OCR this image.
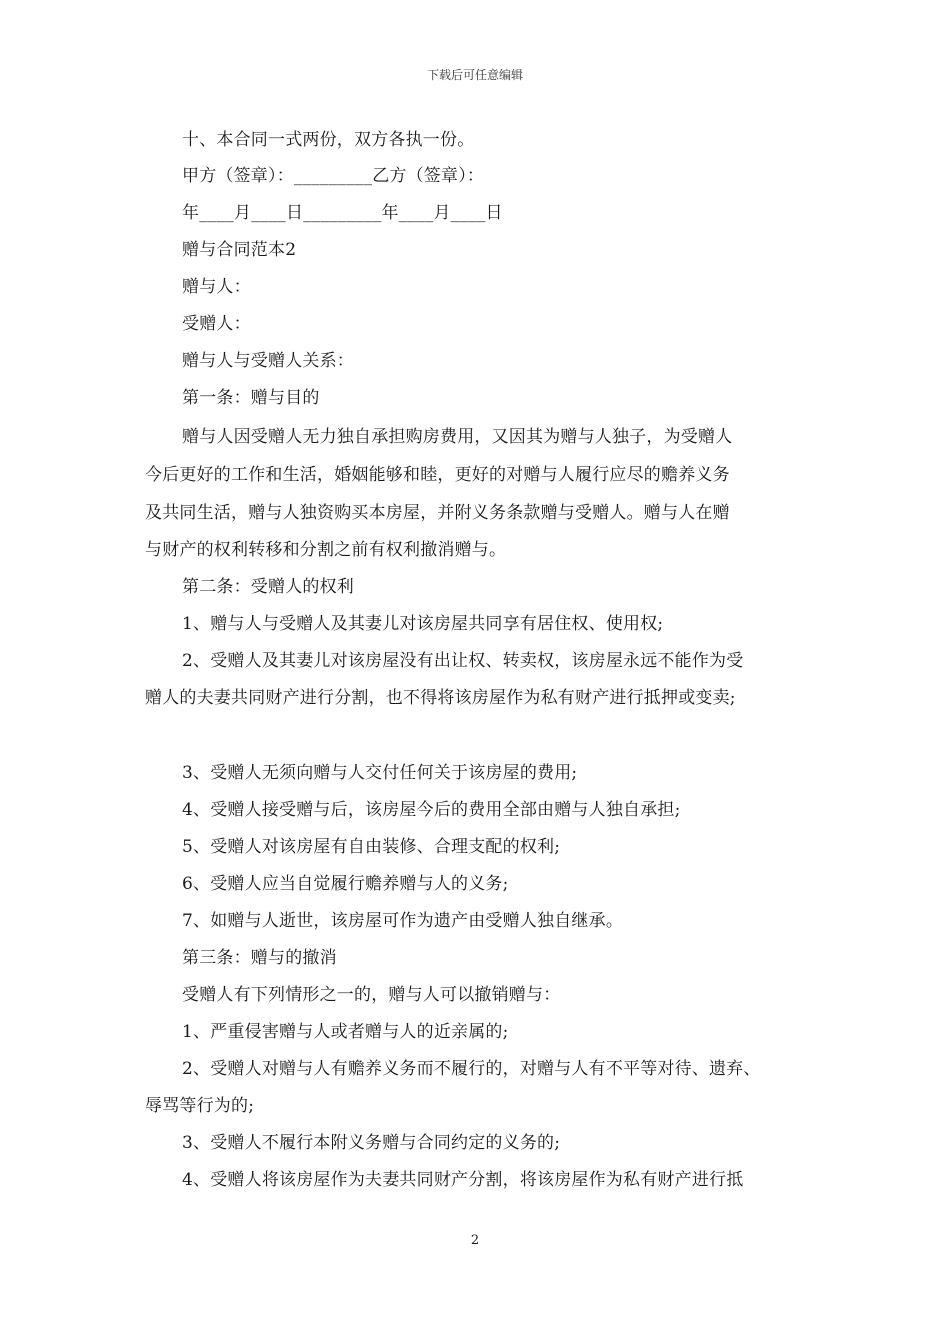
下载后可任意编辑
十、本合同一式两份，双方各执一份。
甲方（签章）：_________乙方（签章）：
年____月____日_________年____月____日
赠与合同范本2
赠与人：
受赠人：
赠与人与受赠人关系：
第一条：赠与目的
赠与人因受赠人无力独自承担购房费用，又因其为赠与人独子，为受赠人
今后更好的工作和生活，婚姻能够和睦，更好的对赠与人履行应尽的赡养义务
及共同生活，赠与人独资购买本房屋，并附义务条款赠与受赠人。赠与人在赠
与财产的权利转移和分割之前有权利撤消赠与。
第二条：受赠人的权利
1、赠与人与受赠人及其妻儿对该房屋共同享有居住权、使用权;
2、受赠人及其妻儿对该房屋没有出让权、转卖权，该房屋永远不能作为受
赠人的夫妻共同财产进行分割，也不得将该房屋作为私有财产进行抵押或变卖;
3、受赠人无须向赠与人交付任何关于该房屋的费用;
4、受赠人接受赠与后，该房屋今后的费用全部由赠与人独自承担;
5、受赠人对该房屋有自由装修、合理支配的权利;
6、受赠人应当自觉履行赡养赠与人的义务;
7、如赠与人逝世，该房屋可作为遗产由受赠人独自继承。
第三条：赠与的撤消
受赠人有下列情形之一的，赠与人可以撤销赠与：
1、严重侵害赠与人或者赠与人的近亲属的;
2、受赠人对赠与人有赡养义务而不履行的，对赠与人有不平等对待、遗弃、
辱骂等行为的;
3、受赠人不履行本附义务赠与合同约定的义务的;
4、受赠人将该房屋作为夫妻共同财产分割，将该房屋作为私有财产进行抵
2
